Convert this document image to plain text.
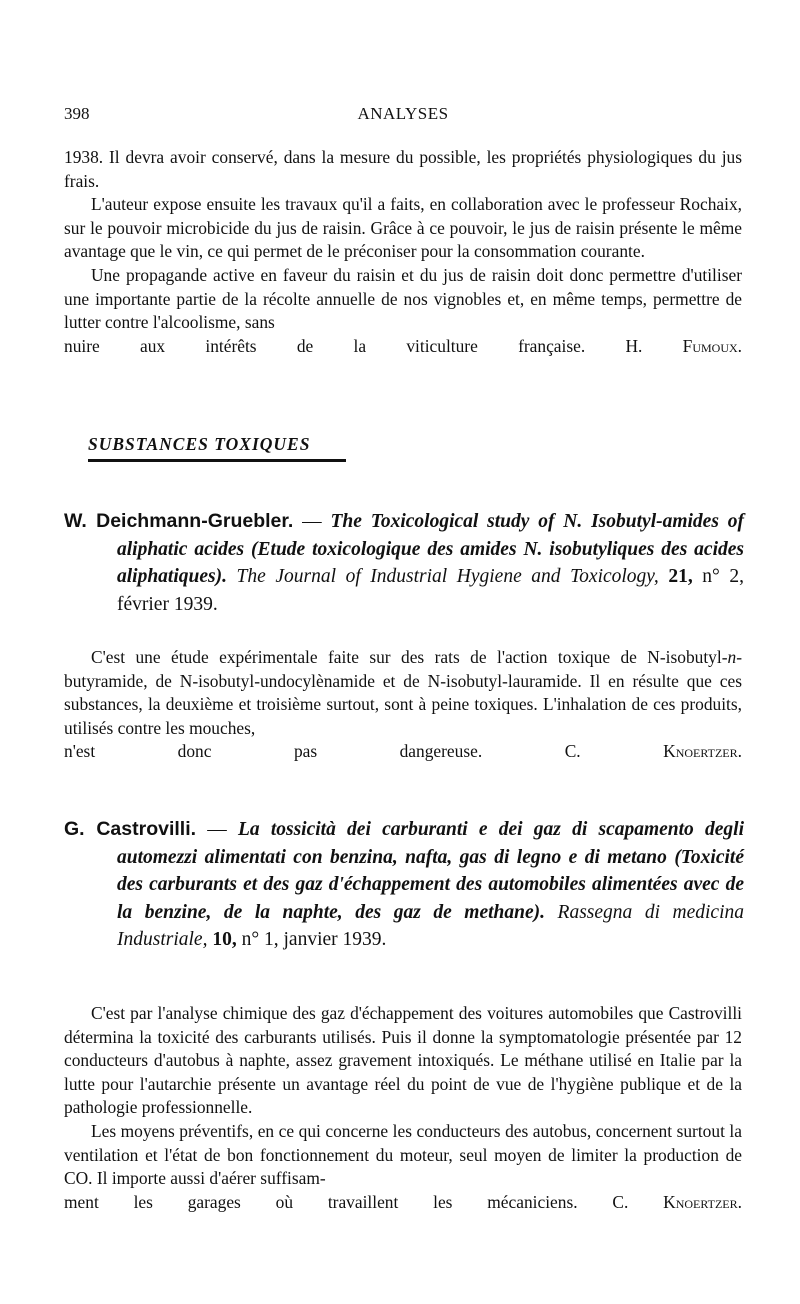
398	ANALYSES

1938. Il devra avoir conservé, dans la mesure du possible, les propriétés physiologiques du jus frais.

L'auteur expose ensuite les travaux qu'il a faits, en collaboration avec le professeur Rochaix, sur le pouvoir microbicide du jus de raisin. Grâce à ce pouvoir, le jus de raisin présente le même avantage que le vin, ce qui permet de le préconiser pour la consommation courante.

Une propagande active en faveur du raisin et du jus de raisin doit donc permettre d'utiliser une importante partie de la récolte annuelle de nos vignobles et, en même temps, permettre de lutter contre l'alcoolisme, sans

nuire aux intérêts de la viticulture française. H. Fumoux.

SUBSTANCES TOXIQUES

W. Deichmann-Gruebler. — The Toxicological study of N. Isobutyl-amides of aliphatic acides (Etude toxicologique des amides N. isobutyliques des acides aliphatiques). The Journal of Industrial Hygiene and Toxicology, 21, n° 2, février 1939.

C'est une étude expérimentale faite sur des rats de l'action toxique de N-isobutyl-n-butyramide, de N-isobutyl-undocylènamide et de N-isobutyl-lauramide. Il en résulte que ces substances, la deuxième et troisième surtout, sont à peine toxiques. L'inhalation de ces produits, utilisés contre les mouches,

n'est donc pas dangereuse.	C. Knoertzer.

G. Castrovilli. — La tossicità dei carburanti e dei gaz di scapamento degli automezzi alimentati con benzina, nafta, gas di legno e di metano (Toxicité des carburants et des gaz d'échappement des automobiles alimentées avec de la benzine, de la naphte, des gaz de methane). Rassegna di medicina Industriale, 10, n° 1, janvier 1939.

C'est par l'analyse chimique des gaz d'échappement des voitures automobiles que Castrovilli détermina la toxicité des carburants utilisés. Puis il donne la symptomatologie présentée par 12 conducteurs d'autobus à naphte, assez gravement intoxiqués. Le méthane utilisé en Italie par la lutte pour l'autarchie présente un avantage réel du point de vue de l'hygiène publique et de la pathologie professionnelle.

Les moyens préventifs, en ce qui concerne les conducteurs des autobus, concernent surtout la ventilation et l'état de bon fonctionnement du moteur, seul moyen de limiter la production de CO. Il importe aussi d'aérer suffisam-

ment les garages où travaillent les mécaniciens. C. Knoertzer.
